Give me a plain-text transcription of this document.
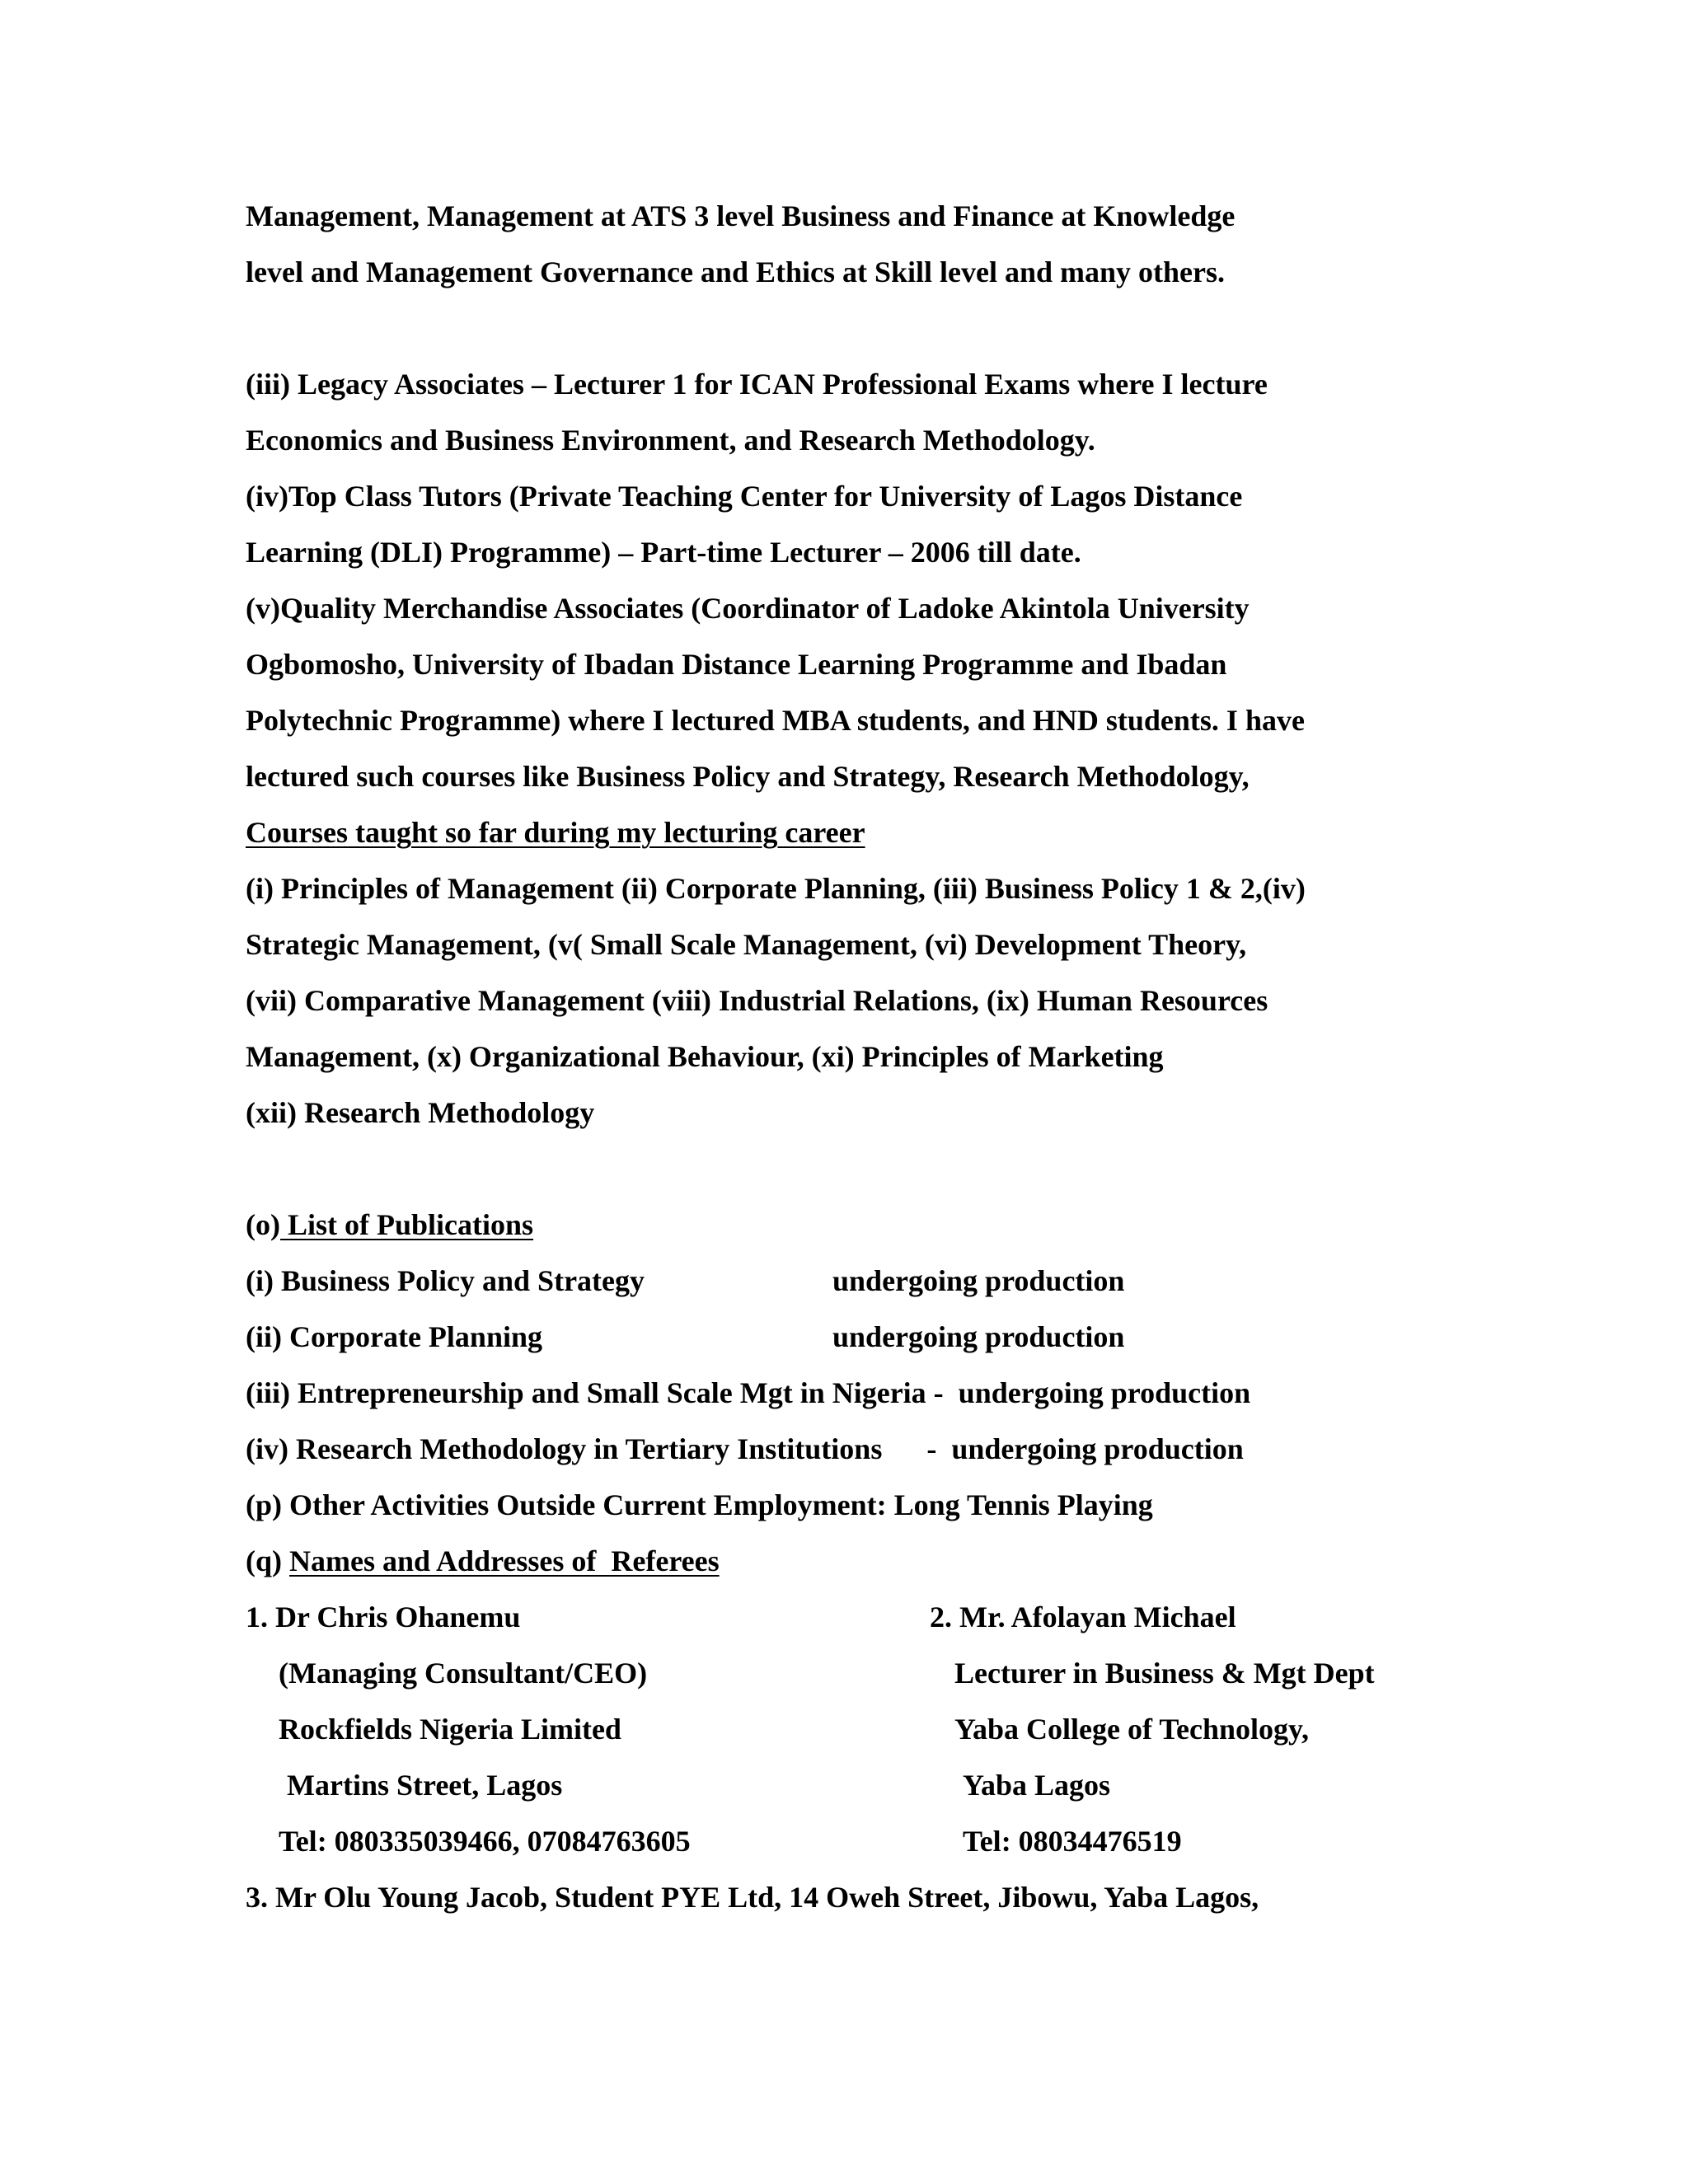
Management, Management at ATS 3 level Business and Finance at Knowledge
level and Management Governance and Ethics at Skill level and many others.
(iii) Legacy Associates – Lecturer 1 for ICAN Professional Exams where I lecture
Economics and Business Environment, and Research Methodology.
(iv)Top Class Tutors (Private Teaching Center for University of Lagos Distance
Learning (DLI) Programme) – Part-time Lecturer – 2006 till date.
(v)Quality Merchandise Associates (Coordinator of Ladoke Akintola University
Ogbomosho, University of Ibadan Distance Learning Programme and Ibadan
Polytechnic Programme) where I lectured MBA students, and HND students. I have
lectured such courses like Business Policy and Strategy, Research Methodology,
Courses taught so far during my lecturing career
(i) Principles of Management (ii) Corporate Planning, (iii) Business Policy 1 & 2,(iv)
Strategic Management, (v( Small Scale Management, (vi) Development Theory,
(vii) Comparative Management (viii) Industrial Relations, (ix) Human Resources
Management, (x) Organizational Behaviour, (xi) Principles of Marketing
(xii) Research Methodology
(o) List of Publications
(i) Business Policy and Strategy	undergoing production
(ii) Corporate Planning	undergoing production
(iii) Entrepreneurship and Small Scale Mgt in Nigeria -  undergoing production
(iv) Research Methodology in Tertiary Institutions      -  undergoing production
(p) Other Activities Outside Current Employment: Long Tennis Playing
(q) Names and Addresses of  Referees
1. Dr Chris Ohanemu
(Managing Consultant/CEO)
Rockfields Nigeria Limited
Martins Street, Lagos
Tel: 080335039466, 07084763605
2. Mr. Afolayan Michael
Lecturer in Business & Mgt Dept
Yaba College of Technology,
Yaba Lagos
Tel: 08034476519
3. Mr Olu Young Jacob, Student PYE Ltd, 14 Oweh Street, Jibowu, Yaba Lagos,
